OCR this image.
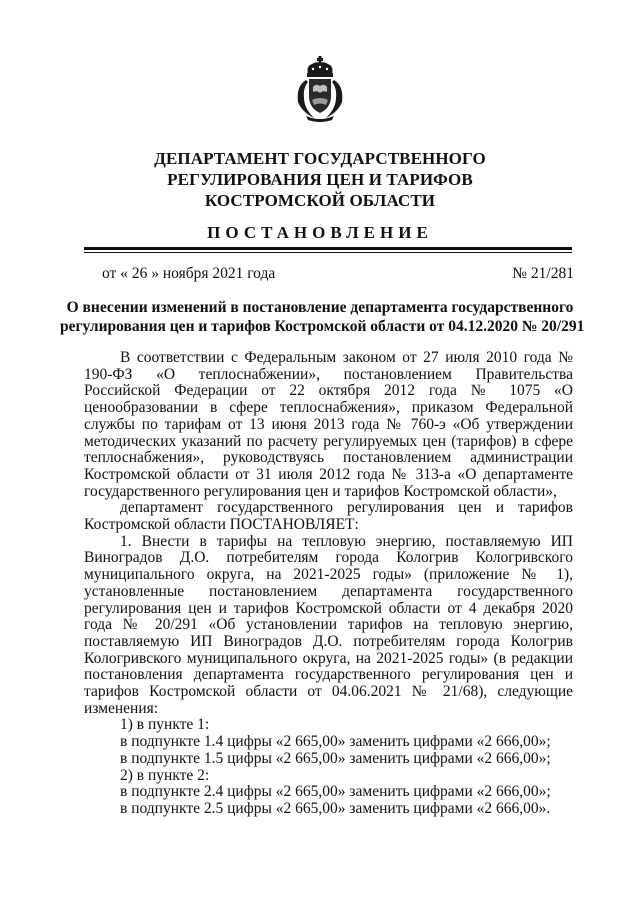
ДЕПАРТАМЕНТ ГОСУДАРСТВЕННОГО
РЕГУЛИРОВАНИЯ ЦЕН И ТАРИФОВ
КОСТРОМСКОЙ ОБЛАСТИ
ПОСТАНОВЛЕНИЕ
от « 26 » ноября 2021 года	№ 21/281
О внесении изменений в постановление департамента государственного
регулирования цен и тарифов Костромской области от 04.12.2020 № 20/291

В соответствии с Федеральным законом от 27 июля 2010 года № 190-ФЗ «О теплоснабжении», постановлением Правительства Российской Федерации от 22 октября 2012 года № 1075 «О ценообразовании в сфере теплоснабжения», приказом Федеральной службы по тарифам от 13 июня 2013 года № 760-э «Об утверждении методических указаний по расчету регулируемых цен (тарифов) в сфере теплоснабжения», руководствуясь постановлением администрации Костромской области от 31 июля 2012 года № 313-а «О департаменте государственного регулирования цен и тарифов Костромской области»,

департамент государственного регулирования цен и тарифов Костромской области ПОСТАНОВЛЯЕТ:

1. Внести в тарифы на тепловую энергию, поставляемую ИП Виноградов Д.О. потребителям города Кологрив Кологривского муниципального округа, на 2021-2025 годы» (приложение № 1), установленные постановлением департамента государственного регулирования цен и тарифов Костромской области от 4 декабря 2020 года № 20/291 «Об установлении тарифов на тепловую энергию, поставляемую ИП Виноградов Д.О. потребителям города Кологрив Кологривского муниципального округа, на 2021-2025 годы» (в редакции постановления департамента государственного регулирования цен и тарифов Костромской области от 04.06.2021 № 21/68), следующие изменения:

1) в пункте 1:

в подпункте 1.4 цифры «2 665,00» заменить цифрами «2 666,00»;

в подпункте 1.5 цифры «2 665,00» заменить цифрами «2 666,00»;

2) в пункте 2:

в подпункте 2.4 цифры «2 665,00» заменить цифрами «2 666,00»;

в подпункте 2.5 цифры «2 665,00» заменить цифрами «2 666,00».
